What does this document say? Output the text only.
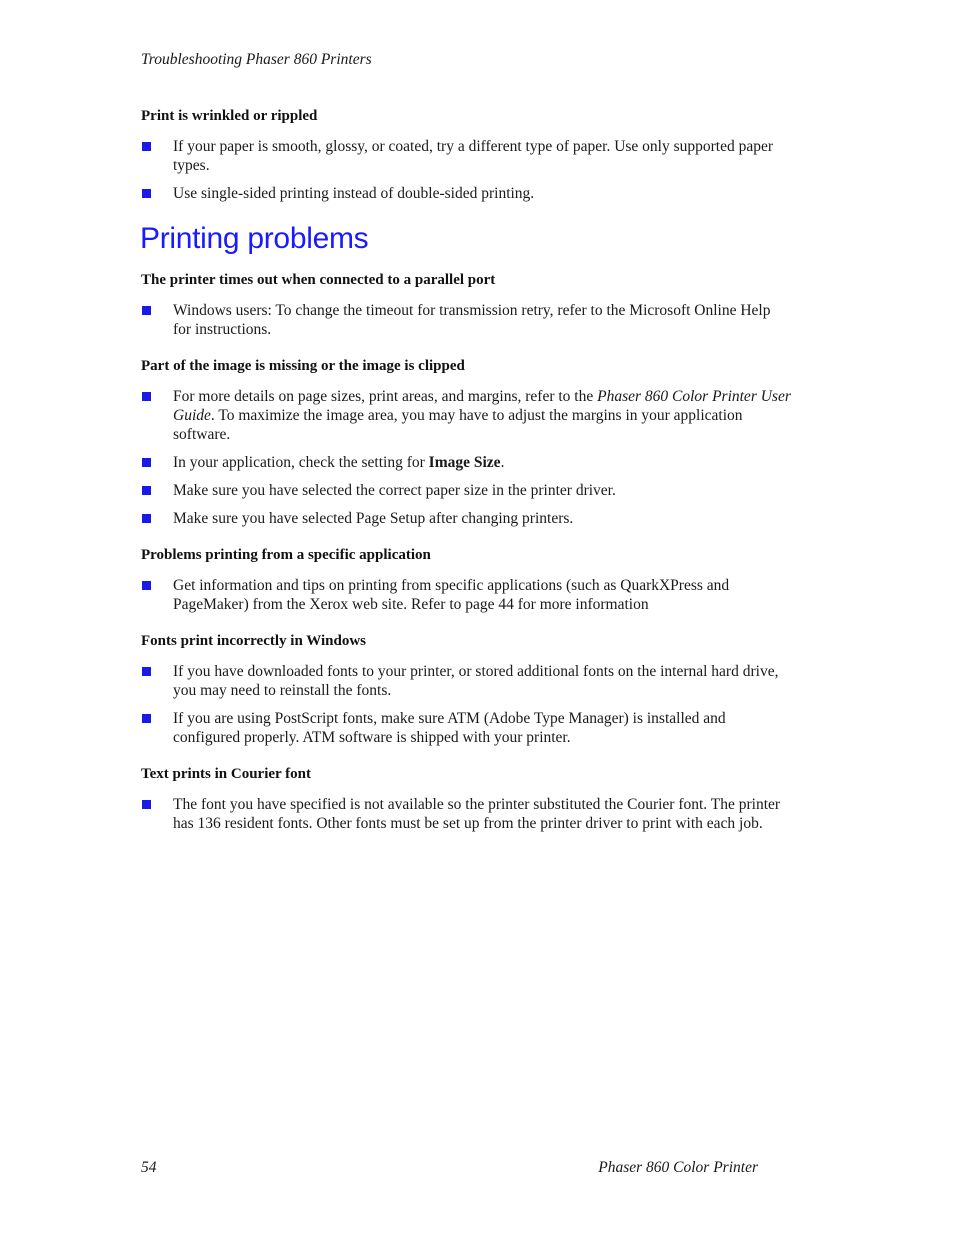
Troubleshooting Phaser 860 Printers
Print is wrinkled or rippled
If your paper is smooth, glossy, or coated, try a different type of paper. Use only supported paper types.
Use single-sided printing instead of double-sided printing.
Printing problems
The printer times out when connected to a parallel port
Windows users: To change the timeout for transmission retry, refer to the Microsoft Online Help for instructions.
Part of the image is missing or the image is clipped
For more details on page sizes, print areas, and margins, refer to the Phaser 860 Color Printer User Guide. To maximize the image area, you may have to adjust the margins in your application software.
In your application, check the setting for Image Size.
Make sure you have selected the correct paper size in the printer driver.
Make sure you have selected Page Setup after changing printers.
Problems printing from a specific application
Get information and tips on printing from specific applications (such as QuarkXPress and PageMaker) from the Xerox web site. Refer to page 44 for more information
Fonts print incorrectly in Windows
If you have downloaded fonts to your printer, or stored additional fonts on the internal hard drive, you may need to reinstall the fonts.
If you are using PostScript fonts, make sure ATM (Adobe Type Manager) is installed and configured properly. ATM software is shipped with your printer.
Text prints in Courier font
The font you have specified is not available so the printer substituted the Courier font. The printer has 136 resident fonts. Other fonts must be set up from the printer driver to print with each job.
54	Phaser 860 Color Printer
